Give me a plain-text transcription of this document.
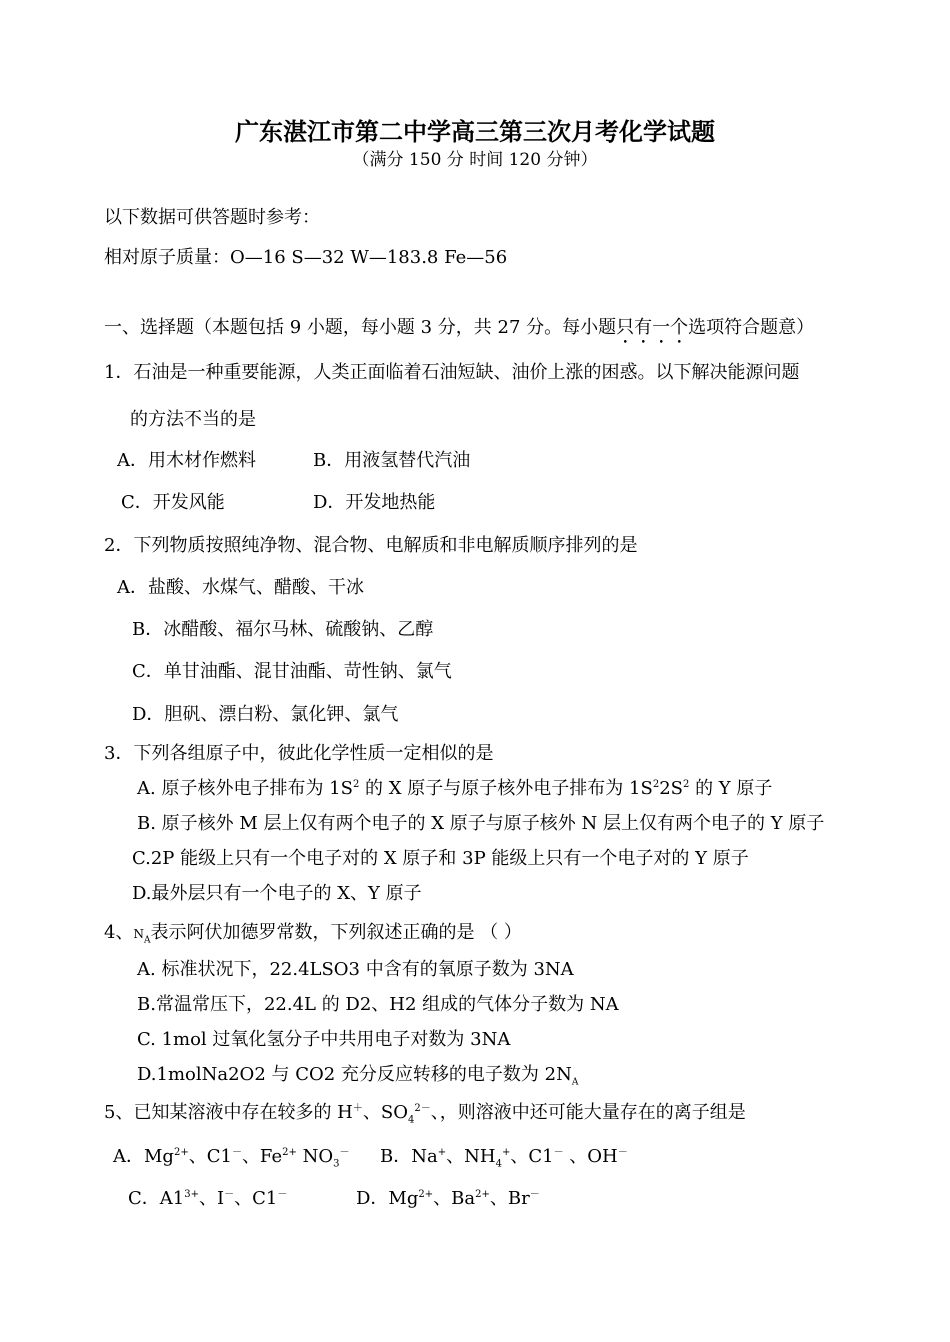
广东湛江市第二中学高三第三次月考化学试题
（满分 150 分 时间 120 分钟）
以下数据可供答题时参考：
相对原子质量：O—16 S—32 W—183.8 Fe—56
一、选择题（本题包括 9 小题，每小题 3 分，共 27 分。每小题只有一个选项符合题意）
1．石油是一种重要能源，人类正面临着石油短缺、油价上涨的困惑。以下解决能源问题
的方法不当的是
A．用木材作燃料	B．用液氢替代汽油
C．开发风能	D．开发地热能
2．下列物质按照纯净物、混合物、电解质和非电解质顺序排列的是
A．盐酸、水煤气、醋酸、干冰
B．冰醋酸、福尔马林、硫酸钠、乙醇
C．单甘油酯、混甘油酯、苛性钠、氯气
D．胆矾、漂白粉、氯化钾、氯气
3．下列各组原子中，彼此化学性质一定相似的是
A. 原子核外电子排布为 $1S^2$ 的 X 原子与原子核外电子排布为 $1S^22S^2$ 的 Y 原子
B. 原子核外 M 层上仅有两个电子的 X 原子与原子核外 N 层上仅有两个电子的 Y 原子
C.2P 能级上只有一个电子对的 X 原子和 3P 能级上只有一个电子对的 Y 原子
D.最外层只有一个电子的 X、Y 原子
4、$N_A$表示阿伏加德罗常数，下列叙述正确的是 （ ）
A. 标准状况下，22.4LSO3 中含有的氧原子数为 3NA
B.常温常压下，22.4L 的 D2、H2 组成的气体分子数为 NA
C. 1mol 过氧化氢分子中共用电子对数为 3NA
D.1molNa2O2 与 CO2 充分反应转移的电子数为 $2N_A$
5、已知某溶液中存在较多的 H＋、$SO_4^{2-}$、，则溶液中还可能大量存在的离子组是
A．$Mg^{2+}$、C1－、$Fe^{2+}$ $NO_3^-$ B．Na+、$NH_4^+$、C1－ 、OH－
C．$A1^{3+}$、I－、C1－	D．$Mg^{2+}$、$Ba^{2+}$、Br－
